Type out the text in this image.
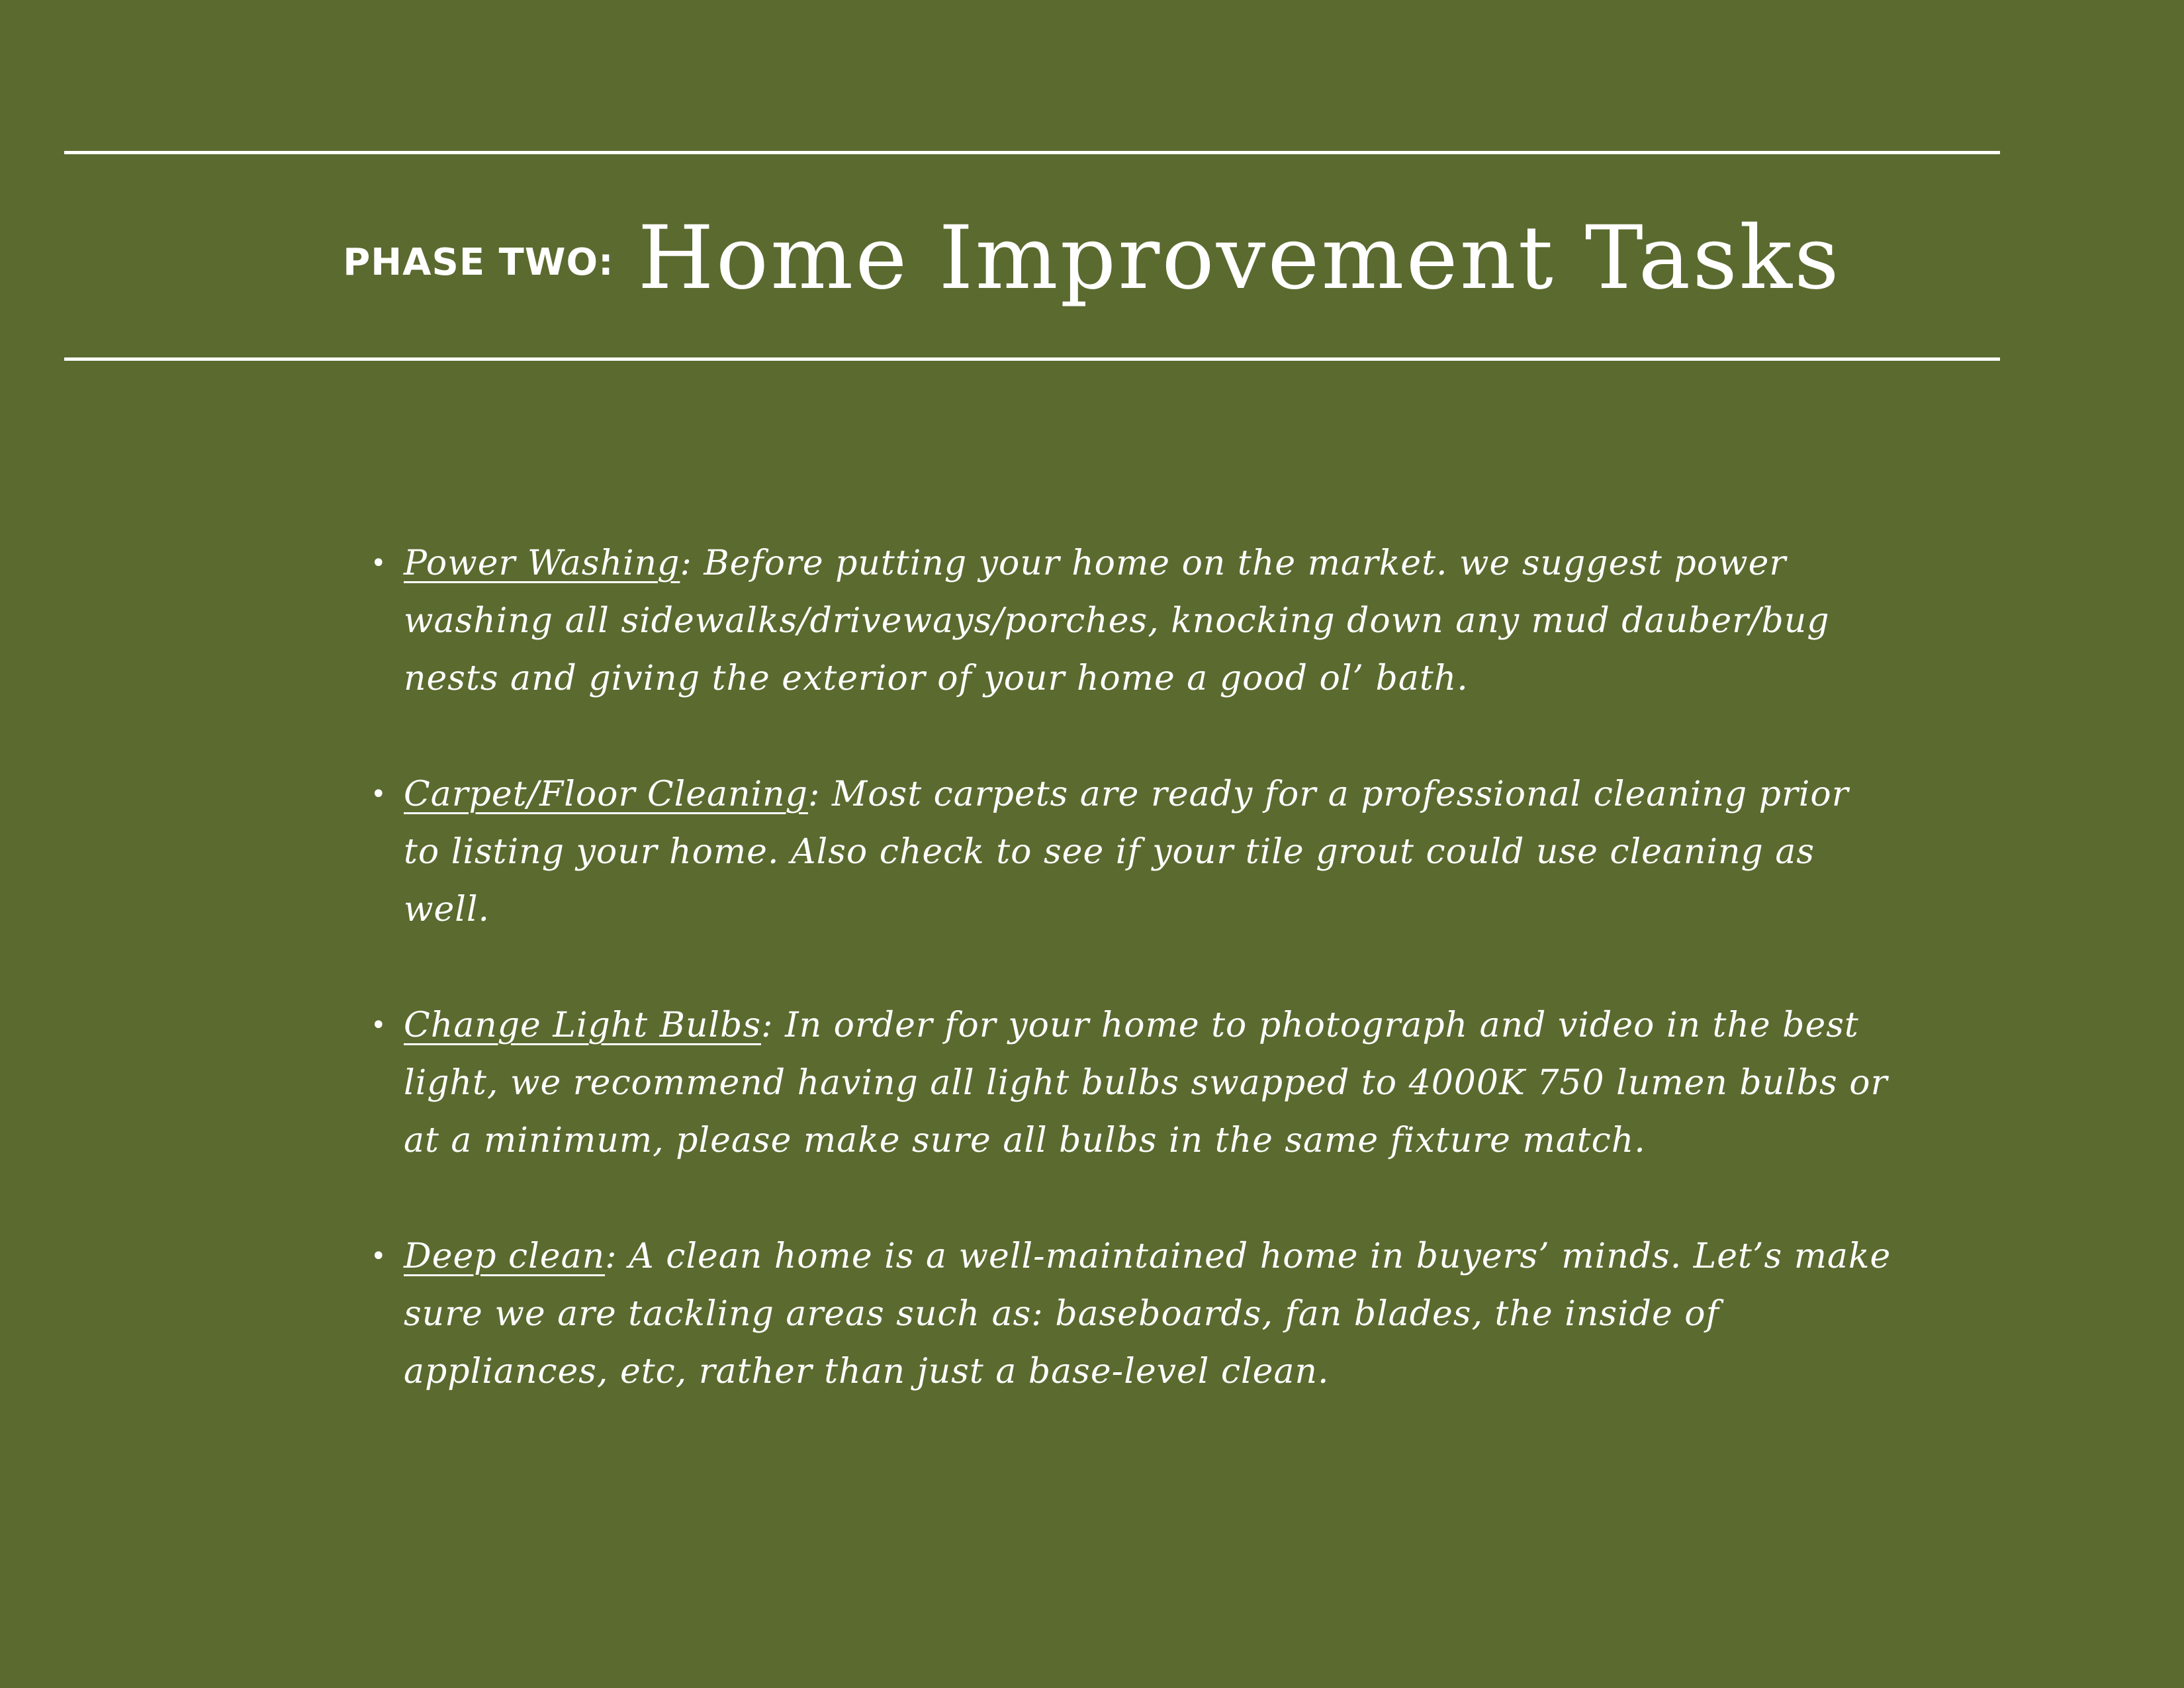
PHASE TWO: Home Improvement Tasks
• Power Washing: Before putting your home on the market. we suggest power washing all sidewalks/driveways/porches, knocking down any mud dauber/bug nests and giving the exterior of your home a good ol’ bath.
• Carpet/Floor Cleaning: Most carpets are ready for a professional cleaning prior to listing your home. Also check to see if your tile grout could use cleaning as well.
• Change Light Bulbs: In order for your home to photograph and video in the best light, we recommend having all light bulbs swapped to 4000K 750 lumen bulbs or at a minimum, please make sure all bulbs in the same fixture match.
• Deep clean: A clean home is a well-maintained home in buyers’ minds. Let’s make sure we are tackling areas such as: baseboards, fan blades, the inside of appliances, etc, rather than just a base-level clean.
